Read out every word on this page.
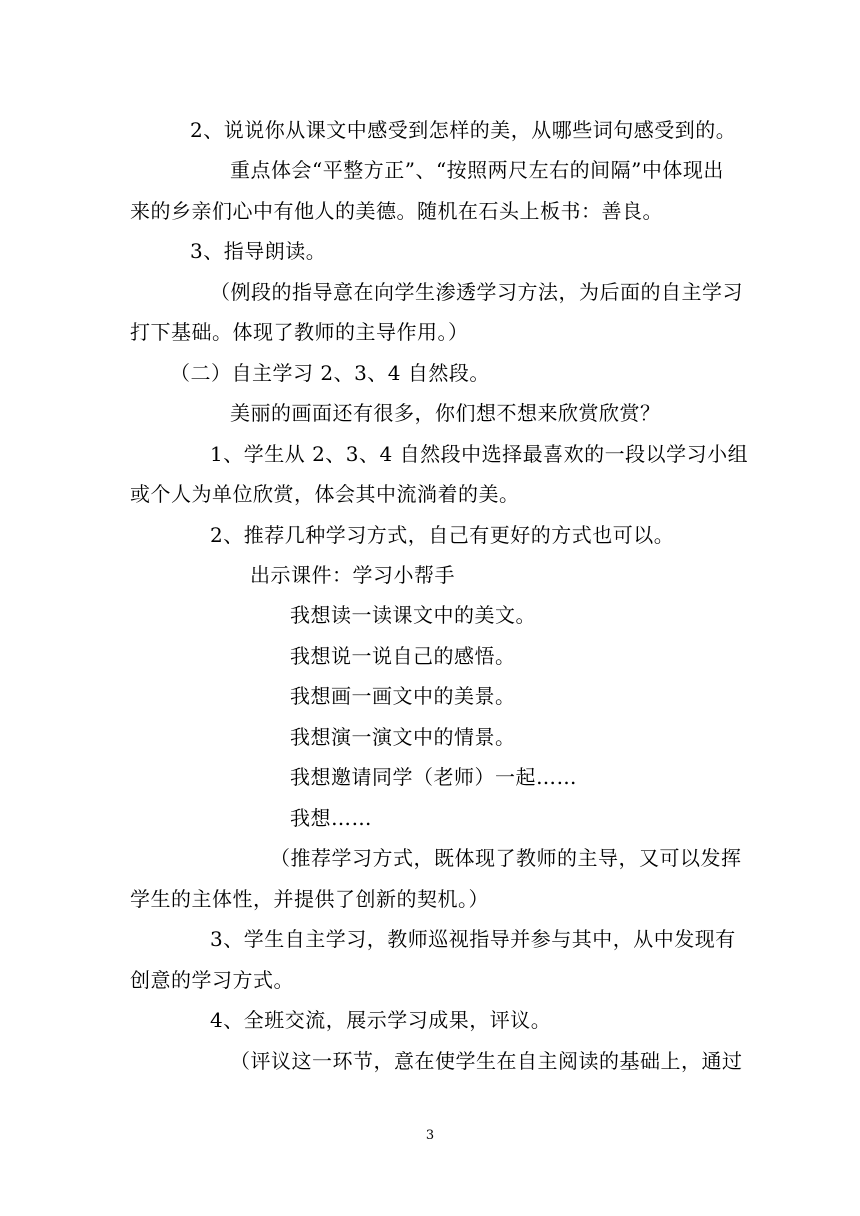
2、说说你从课文中感受到怎样的美，从哪些词句感受到的。
重点体会“平整方正”、“按照两尺左右的间隔”中体现出
来的乡亲们心中有他人的美德。随机在石头上板书：善良。
3、指导朗读。
（例段的指导意在向学生渗透学习方法，为后面的自主学习
打下基础。体现了教师的主导作用。）
（二）自主学习 2、3、4 自然段。
美丽的画面还有很多，你们想不想来欣赏欣赏？
1、学生从 2、3、4 自然段中选择最喜欢的一段以学习小组
或个人为单位欣赏，体会其中流淌着的美。
2、推荐几种学习方式，自己有更好的方式也可以。
出示课件：学习小帮手
我想读一读课文中的美文。
我想说一说自己的感悟。
我想画一画文中的美景。
我想演一演文中的情景。
我想邀请同学（老师）一起……
我想……
（推荐学习方式，既体现了教师的主导，又可以发挥
学生的主体性，并提供了创新的契机。）
3、学生自主学习，教师巡视指导并参与其中，从中发现有
创意的学习方式。
4、全班交流，展示学习成果，评议。
（评议这一环节，意在使学生在自主阅读的基础上，通过
3
